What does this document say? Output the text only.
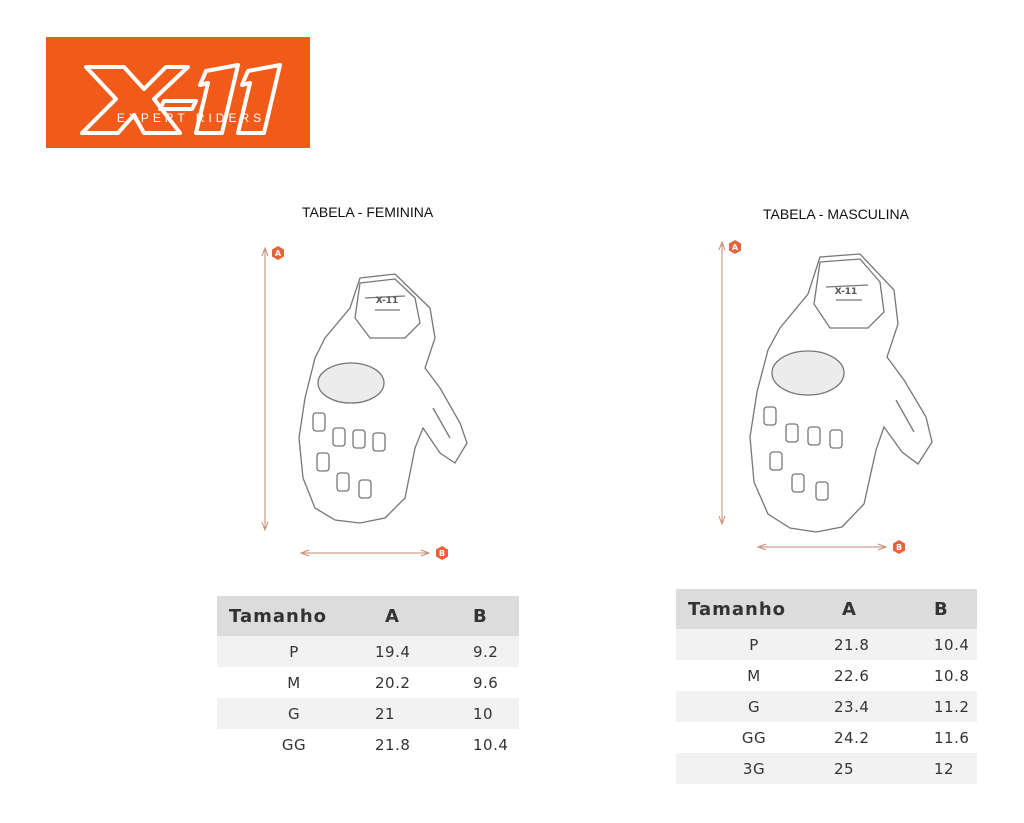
EXPERT RIDERS
TABELA - FEMININA	TABELA - MASCULINA
A
B
X-11
A
B
X-11
Tamanho	A	B
P	19.4	9.2
M	20.2	9.6
G	21	10
GG	21.8	10.4
Tamanho	A	B
P	21.8	10.4
M	22.6	10.8
G	23.4	11.2
GG	24.2	11.6
3G	25	12
